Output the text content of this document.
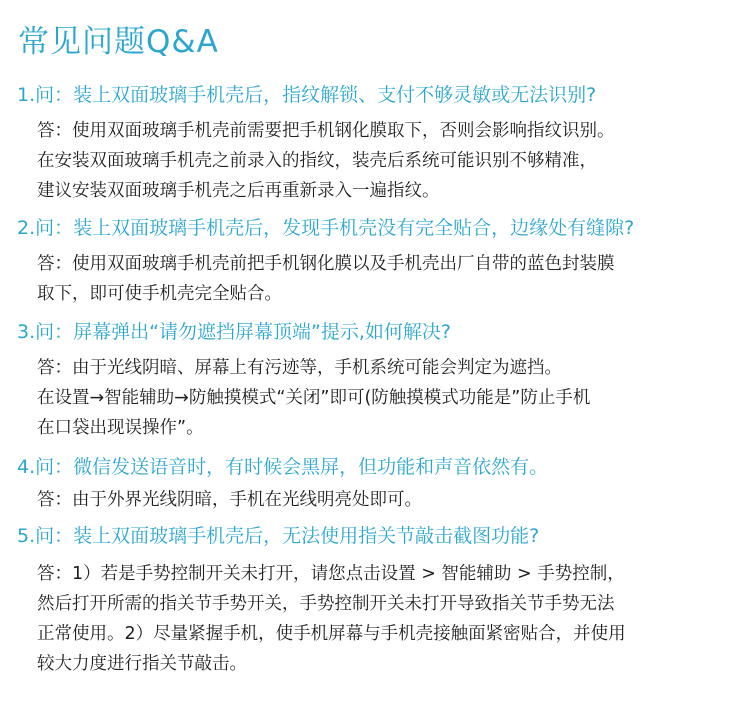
常见问题Q&A
1.问：装上双面玻璃手机壳后，指纹解锁、支付不够灵敏或无法识别?
答：使用双面玻璃手机壳前需要把手机钢化膜取下，否则会影响指纹识别。
在安装双面玻璃手机壳之前录入的指纹，装壳后系统可能识别不够精准，
建议安装双面玻璃手机壳之后再重新录入一遍指纹。
2.问：装上双面玻璃手机壳后，发现手机壳没有完全贴合，边缘处有缝隙?
答：使用双面玻璃手机壳前把手机钢化膜以及手机壳出厂自带的蓝色封装膜
取下，即可使手机壳完全贴合。
3.问：屏幕弹出“请勿遮挡屏幕顶端”提示,如何解决?
答：由于光线阴暗、屏幕上有污迹等，手机系统可能会判定为遮挡。
在设置→智能辅助→防触摸模式“关闭”即可(防触摸模式功能是”防止手机
在口袋出现误操作”。
4.问：微信发送语音时，有时候会黑屏，但功能和声音依然有。
答：由于外界光线阴暗，手机在光线明亮处即可。
5.问：装上双面玻璃手机壳后，无法使用指关节敲击截图功能?
答：1）若是手势控制开关未打开，请您点击设置 > 智能辅助 > 手势控制，
然后打开所需的指关节手势开关，手势控制开关未打开导致指关节手势无法
正常使用。2）尽量紧握手机，使手机屏幕与手机壳接触面紧密贴合，并使用
较大力度进行指关节敲击。
